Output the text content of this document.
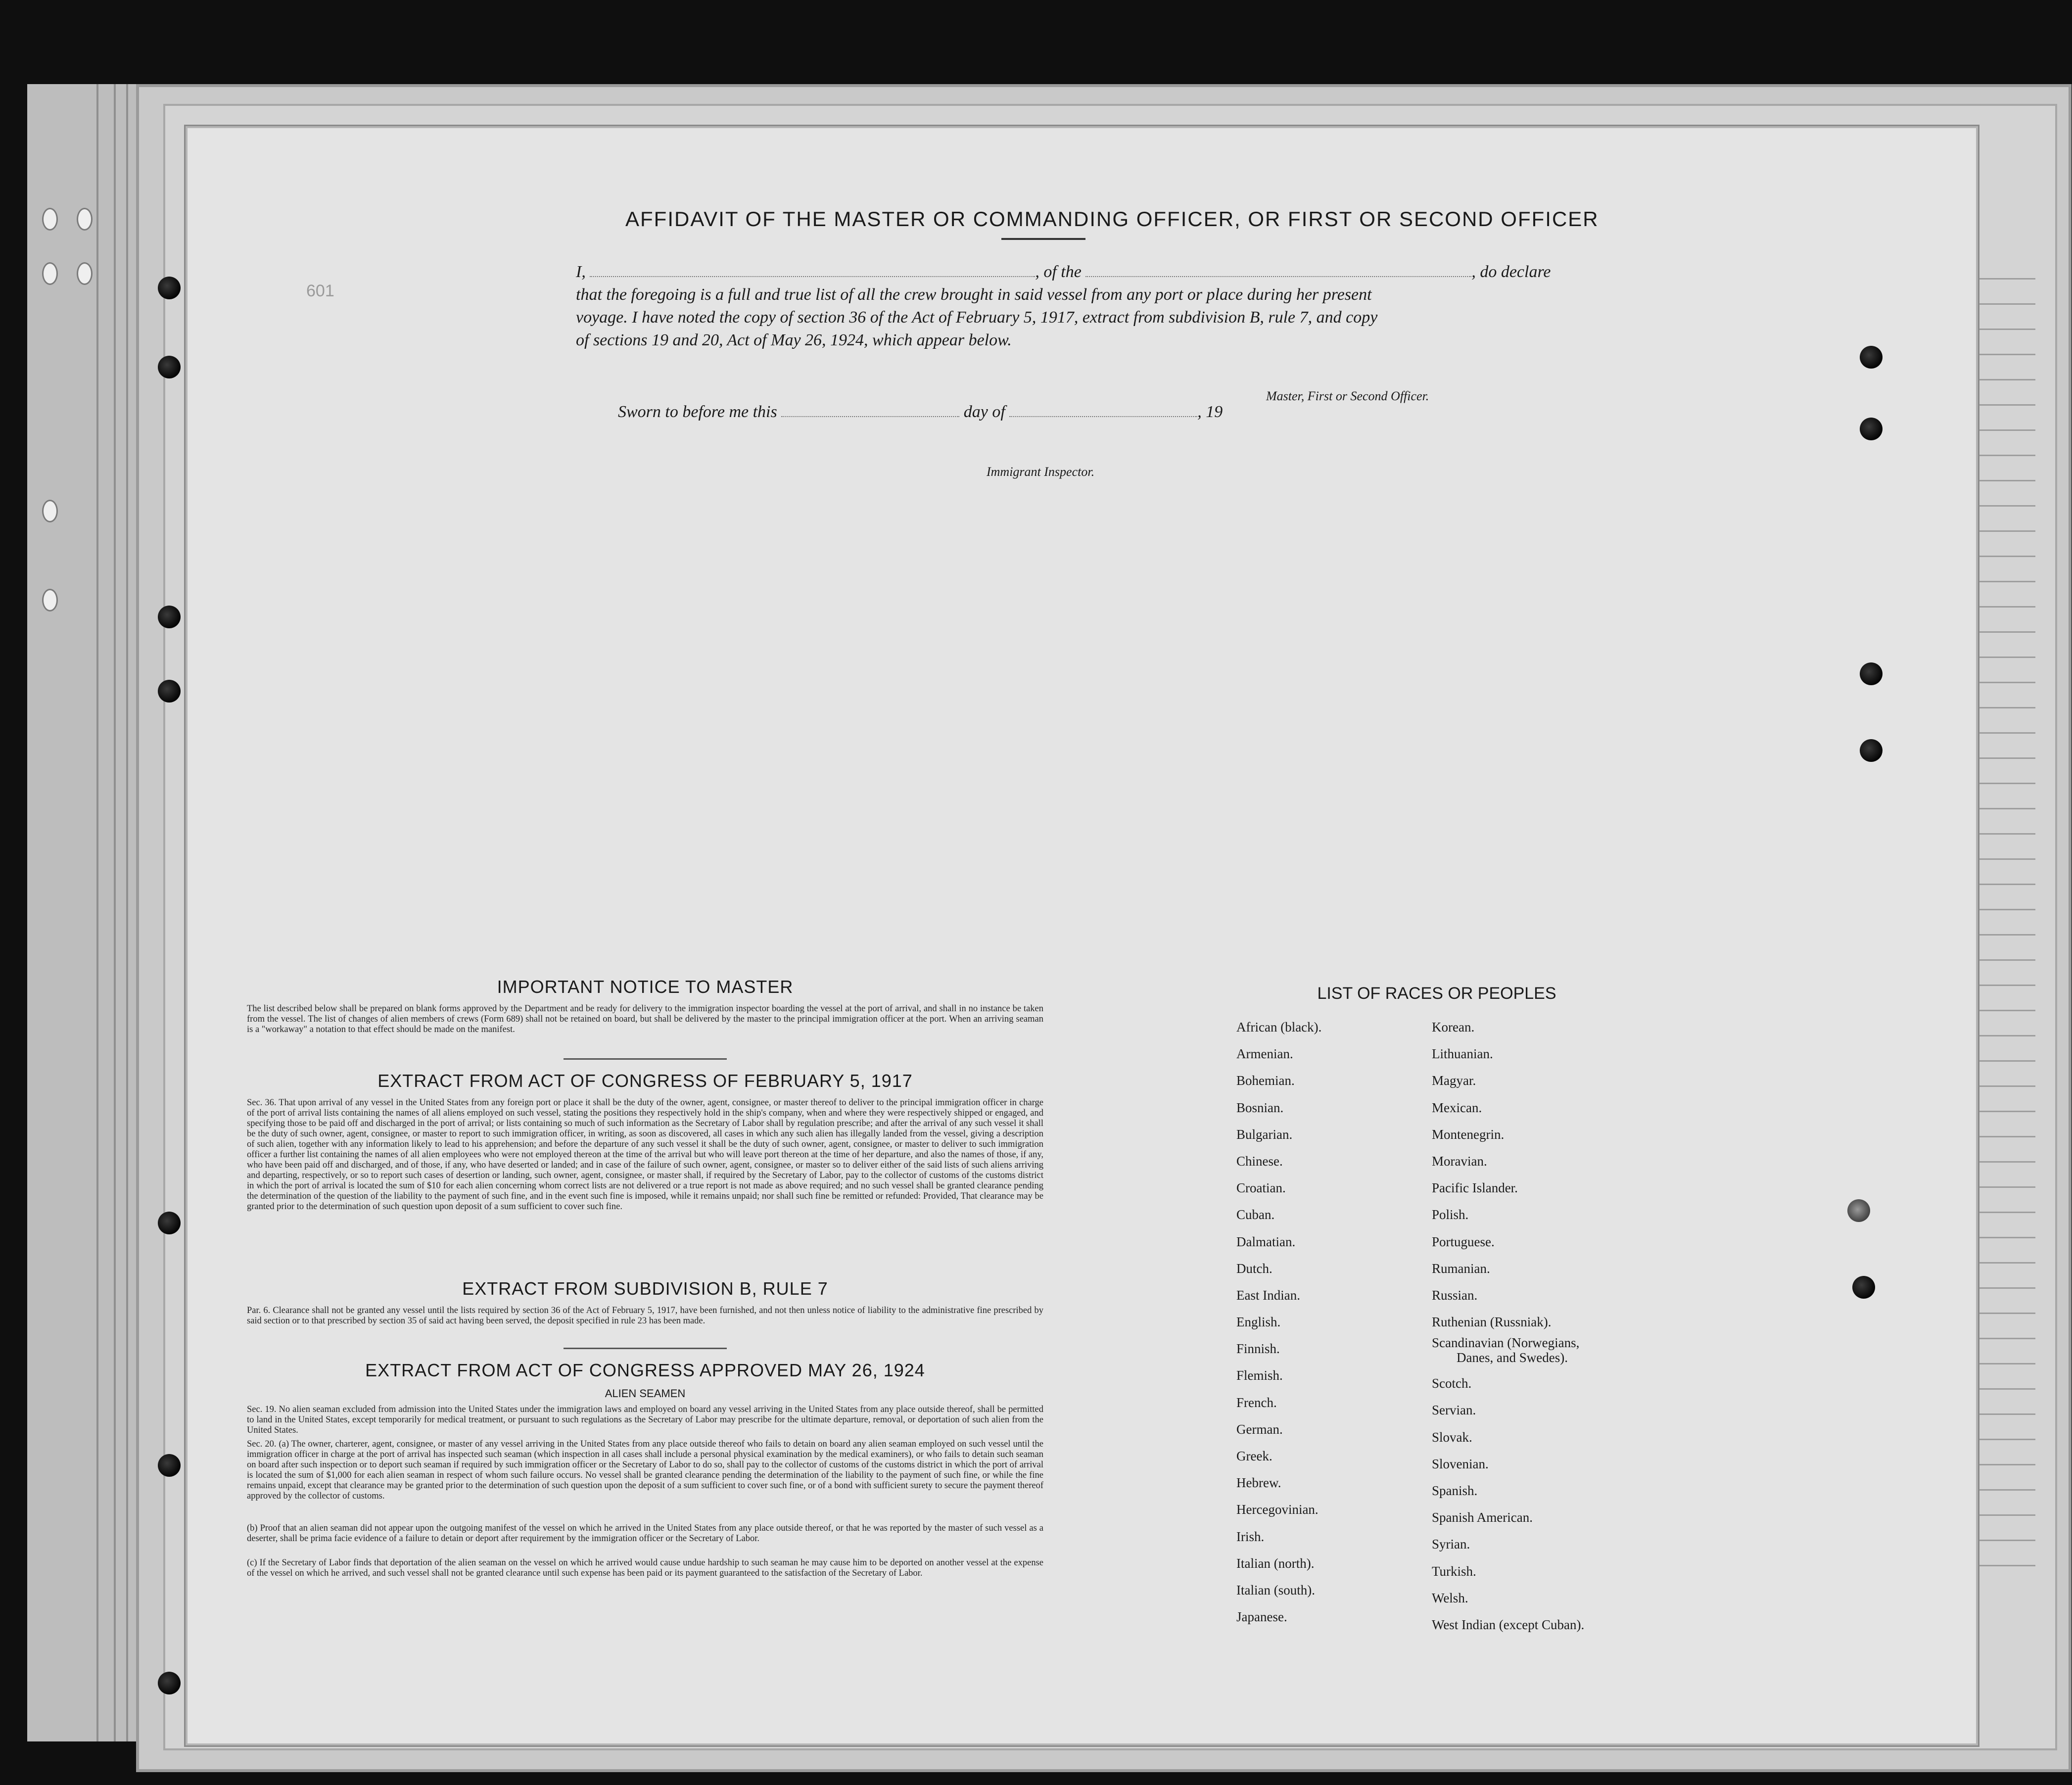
601
AFFIDAVIT OF THE MASTER OR COMMANDING OFFICER, OR FIRST OR SECOND OFFICER
I,	, of the	, do declare
that the foregoing is a full and true list of all the crew brought in said vessel from any port or place during her present
voyage. I have noted the copy of section 36 of the Act of February 5, 1917, extract from subdivision B, rule 7, and copy
of sections 19 and 20, Act of May 26, 1924, which appear below.
Master, First or Second Officer.
Sworn to before me this	day of	, 19
Immigrant Inspector.
IMPORTANT NOTICE TO MASTER
The list described below shall be prepared on blank forms approved by the Department and be ready for delivery to the immigration inspector boarding the vessel at the port of arrival, and shall in no instance be taken from the vessel. The list of changes of alien members of crews (Form 689) shall not be retained on board, but shall be delivered by the master to the principal immigration officer at the port. When an arriving seaman is a "workaway" a notation to that effect should be made on the manifest.
EXTRACT FROM ACT OF CONGRESS OF FEBRUARY 5, 1917
Sec. 36. That upon arrival of any vessel in the United States from any foreign port or place it shall be the duty of the owner, agent, consignee, or master thereof to deliver to the principal immigration officer in charge of the port of arrival lists containing the names of all aliens employed on such vessel, stating the positions they respectively hold in the ship's company, when and where they were respectively shipped or engaged, and specifying those to be paid off and discharged in the port of arrival; or lists containing so much of such information as the Secretary of Labor shall by regulation prescribe; and after the arrival of any such vessel it shall be the duty of such owner, agent, consignee, or master to report to such immigration officer, in writing, as soon as discovered, all cases in which any such alien has illegally landed from the vessel, giving a description of such alien, together with any information likely to lead to his apprehension; and before the departure of any such vessel it shall be the duty of such owner, agent, consignee, or master to deliver to such immigration officer a further list containing the names of all alien employees who were not employed thereon at the time of the arrival but who will leave port thereon at the time of her departure, and also the names of those, if any, who have been paid off and discharged, and of those, if any, who have deserted or landed; and in case of the failure of such owner, agent, consignee, or master so to deliver either of the said lists of such aliens arriving and departing, respectively, or so to report such cases of desertion or landing, such owner, agent, consignee, or master shall, if required by the Secretary of Labor, pay to the collector of customs of the customs district in which the port of arrival is located the sum of $10 for each alien concerning whom correct lists are not delivered or a true report is not made as above required; and no such vessel shall be granted clearance pending the determination of the question of the liability to the payment of such fine, and in the event such fine is imposed, while it remains unpaid; nor shall such fine be remitted or refunded: Provided, That clearance may be granted prior to the determination of such question upon deposit of a sum sufficient to cover such fine.
EXTRACT FROM SUBDIVISION B, RULE 7
Par. 6. Clearance shall not be granted any vessel until the lists required by section 36 of the Act of February 5, 1917, have been furnished, and not then unless notice of liability to the administrative fine prescribed by said section or to that prescribed by section 35 of said act having been served, the deposit specified in rule 23 has been made.
EXTRACT FROM ACT OF CONGRESS APPROVED MAY 26, 1924
ALIEN SEAMEN
Sec. 19. No alien seaman excluded from admission into the United States under the immigration laws and employed on board any vessel arriving in the United States from any place outside thereof, shall be permitted to land in the United States, except temporarily for medical treatment, or pursuant to such regulations as the Secretary of Labor may prescribe for the ultimate departure, removal, or deportation of such alien from the United States.
Sec. 20. (a) The owner, charterer, agent, consignee, or master of any vessel arriving in the United States from any place outside thereof who fails to detain on board any alien seaman employed on such vessel until the immigration officer in charge at the port of arrival has inspected such seaman (which inspection in all cases shall include a personal physical examination by the medical examiners), or who fails to detain such seaman on board after such inspection or to deport such seaman if required by such immigration officer or the Secretary of Labor to do so, shall pay to the collector of customs of the customs district in which the port of arrival is located the sum of $1,000 for each alien seaman in respect of whom such failure occurs. No vessel shall be granted clearance pending the determination of the liability to the payment of such fine, or while the fine remains unpaid, except that clearance may be granted prior to the determination of such question upon the deposit of a sum sufficient to cover such fine, or of a bond with sufficient surety to secure the payment thereof approved by the collector of customs.
(b) Proof that an alien seaman did not appear upon the outgoing manifest of the vessel on which he arrived in the United States from any place outside thereof, or that he was reported by the master of such vessel as a deserter, shall be prima facie evidence of a failure to detain or deport after requirement by the immigration officer or the Secretary of Labor.
(c) If the Secretary of Labor finds that deportation of the alien seaman on the vessel on which he arrived would cause undue hardship to such seaman he may cause him to be deported on another vessel at the expense of the vessel on which he arrived, and such vessel shall not be granted clearance until such expense has been paid or its payment guaranteed to the satisfaction of the Secretary of Labor.
LIST OF RACES OR PEOPLES
African (black).
Armenian.
Bohemian.
Bosnian.
Bulgarian.
Chinese.
Croatian.
Cuban.
Dalmatian.
Dutch.
East Indian.
English.
Finnish.
Flemish.
French.
German.
Greek.
Hebrew.
Hercegovinian.
Irish.
Italian (north).
Italian (south).
Japanese.
Korean.
Lithuanian.
Magyar.
Mexican.
Montenegrin.
Moravian.
Pacific Islander.
Polish.
Portuguese.
Rumanian.
Russian.
Ruthenian (Russniak).
Scandinavian (Norwegians,
Danes, and Swedes).
Scotch.
Servian.
Slovak.
Slovenian.
Spanish.
Spanish American.
Syrian.
Turkish.
Welsh.
West Indian (except Cuban).
